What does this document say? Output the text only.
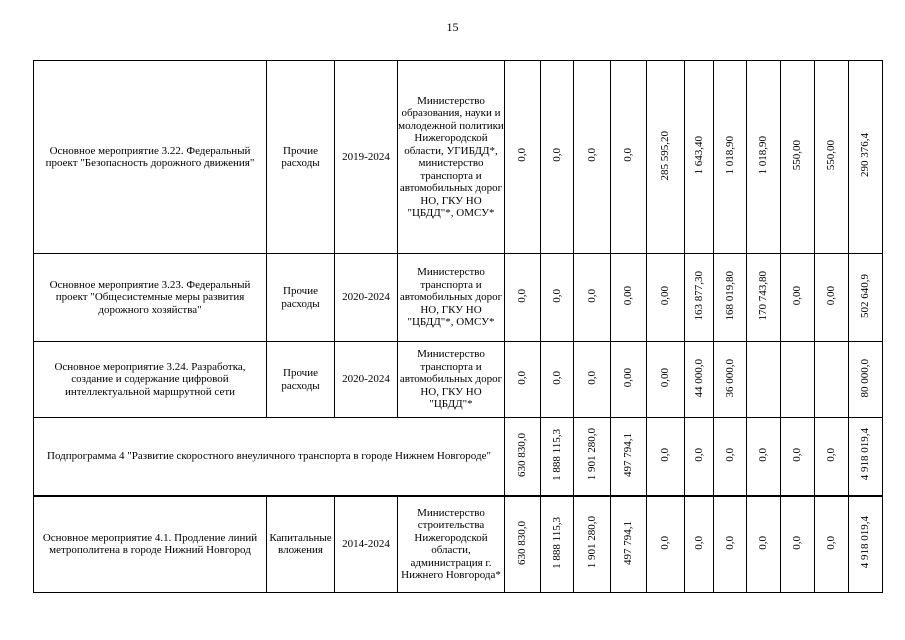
15
Основное мероприятие 3.22. Федеральный проект "Безопасность дорожного движения"	Прочие расходы	2019-2024	Министерство образования, науки и молодежной политики Нижегородской области, УГИБДД*, министерство транспорта и автомобильных дорог НО, ГКУ НО "ЦБДД"*, ОМСУ*	0,0	0,0	0,0	0,0	285 595,20	1 643,40	1 018,90	1 018,90	550,00	550,00	290 376,4
Основное мероприятие 3.23. Федеральный проект "Общесистемные меры развития дорожного хозяйства"	Прочие расходы	2020-2024	Министерство транспорта и автомобильных дорог НО, ГКУ НО "ЦБДД"*, ОМСУ*	0,0	0,0	0,0	0,00	0,00	163 877,30	168 019,80	170 743,80	0,00	0,00	502 640,9
Основное мероприятие 3.24. Разработка, создание и содержание цифровой интеллектуальной маршрутной сети	Прочие расходы	2020-2024	Министерство транспорта и автомобильных дорог НО, ГКУ НО "ЦБДД"*	0,0	0,0	0,0	0,00	0,00	44 000,0	36 000,0				80 000,0
Подпрограмма 4 "Развитие скоростного внеуличного транспорта в городе Нижнем Новгороде"				630 830,0	1 888 115,3	1 901 280,0	497 794,1	0,0	0,0	0,0	0,0	0,0	0,0	4 918 019,4
Основное мероприятие 4.1. Продление линий метрополитена в городе Нижний Новгород	Капитальные вложения	2014-2024	Министерство строительства Нижегородской области, администрация г. Нижнего Новгорода*	630 830,0	1 888 115,3	1 901 280,0	497 794,1	0,0	0,0	0,0	0,0	0,0	0,0	4 918 019,4
